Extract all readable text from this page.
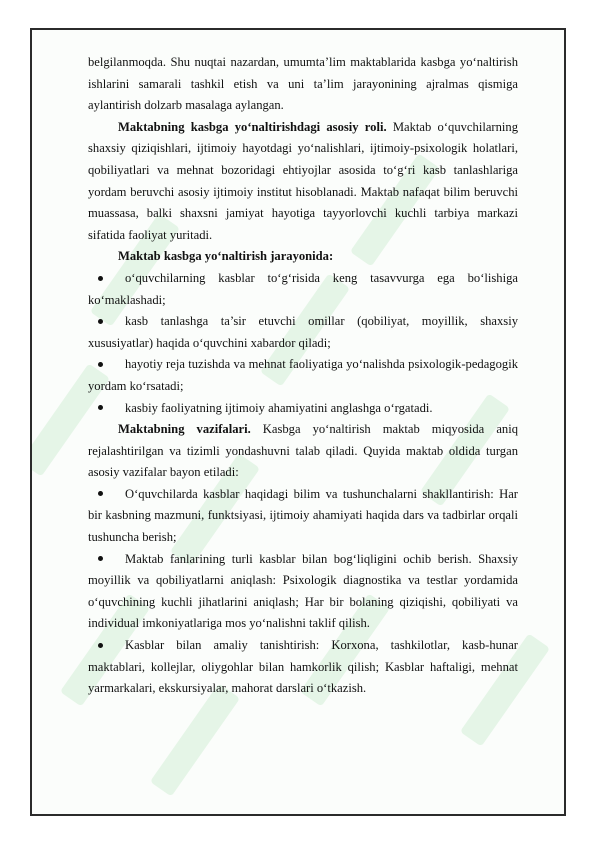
belgilanmoqda. Shu nuqtai nazardan, umumta’lim maktablarida kasbga yo‘naltirish ishlarini samarali tashkil etish va uni ta’lim jarayonining ajralmas qismiga aylantirish dolzarb masalaga aylangan.

Maktabning kasbga yo‘naltirishdagi asosiy roli. Maktab o‘quvchilarning shaxsiy qiziqishlari, ijtimoiy hayotdagi yo‘nalishlari, ijtimoiy-psixologik holatlari, qobiliyatlari va mehnat bozoridagi ehtiyojlar asosida to‘g‘ri kasb tanlashlariga yordam beruvchi asosiy ijtimoiy institut hisoblanadi. Maktab nafaqat bilim beruvchi muassasa, balki shaxsni jamiyat hayotiga tayyorlovchi kuchli tarbiya markazi sifatida faoliyat yuritadi.

Maktab kasbga yo‘naltirish jarayonida:

o‘quvchilarning kasblar to‘g‘risida keng tasavvurga ega bo‘lishiga ko‘maklashadi;

kasb tanlashga ta’sir etuvchi omillar (qobiliyat, moyillik, shaxsiy xususiyatlar) haqida o‘quvchini xabardor qiladi;

hayotiy reja tuzishda va mehnat faoliyatiga yo‘nalishda psixologik-pedagogik yordam ko‘rsatadi;

kasbiy faoliyatning ijtimoiy ahamiyatini anglashga o‘rgatadi.

Maktabning vazifalari. Kasbga yo‘naltirish maktab miqyosida aniq rejalashtirilgan va tizimli yondashuvni talab qiladi. Quyida maktab oldida turgan asosiy vazifalar bayon etiladi:

O‘quvchilarda kasblar haqidagi bilim va tushunchalarni shakllantirish: Har bir kasbning mazmuni, funktsiyasi, ijtimoiy ahamiyati haqida dars va tadbirlar orqali tushuncha berish;

Maktab fanlarining turli kasblar bilan bog‘liqligini ochib berish. Shaxsiy moyillik va qobiliyatlarni aniqlash: Psixologik diagnostika va testlar yordamida o‘quvchining kuchli jihatlarini aniqlash; Har bir bolaning qiziqishi, qobiliyati va individual imkoniyatlariga mos yo‘nalishni taklif qilish.

Kasblar bilan amaliy tanishtirish: Korxona, tashkilotlar, kasb-hunar maktablari, kollejlar, oliygohlar bilan hamkorlik qilish; Kasblar haftaligi, mehnat yarmarkalari, ekskursiyalar, mahorat darslari o‘tkazish.
